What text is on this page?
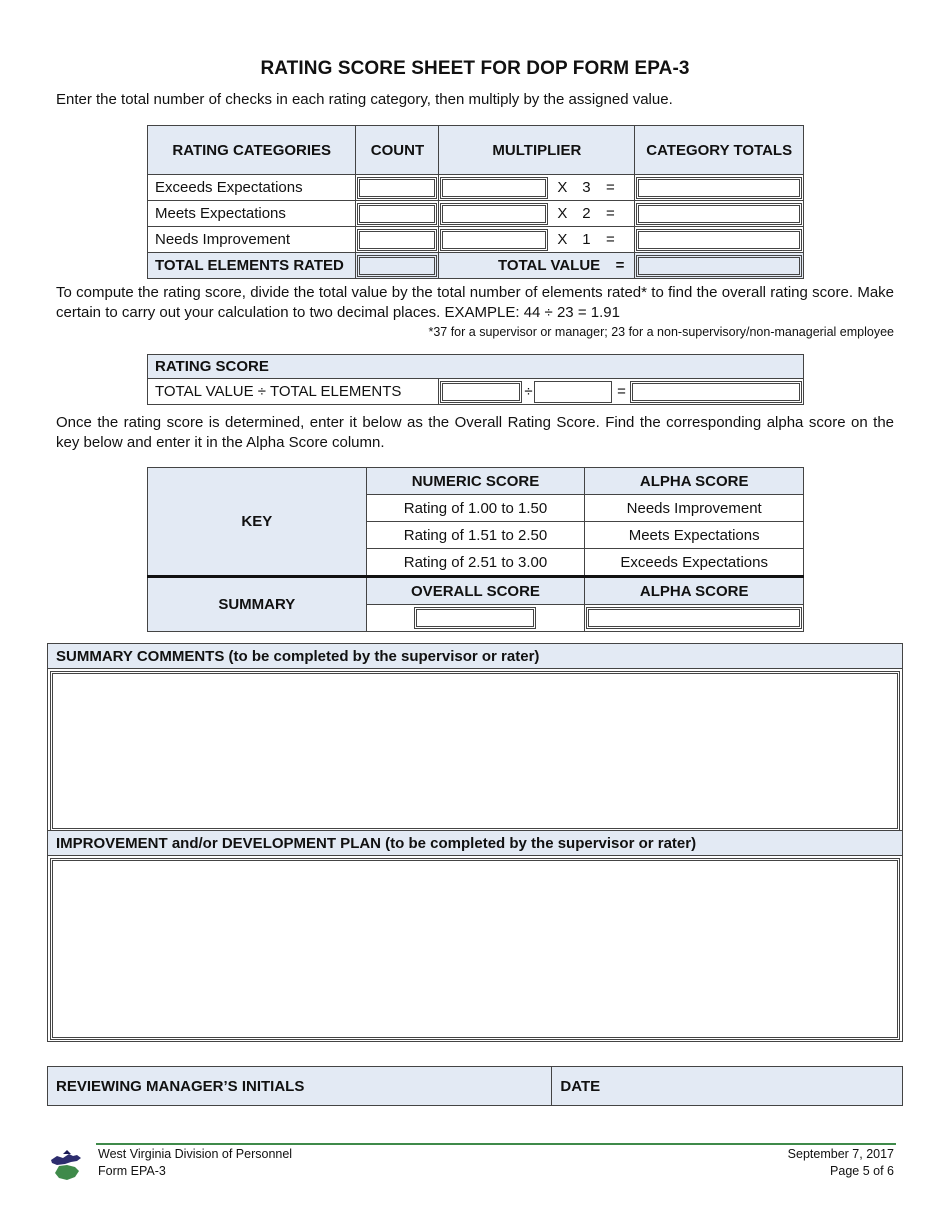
RATING SCORE SHEET FOR DOP FORM EPA-3
Enter the total number of checks in each rating category, then multiply by the assigned value.
RATING CATEGORIES	COUNT	MULTIPLIER	CATEGORY TOTALS
Exceeds Expectations		X 3 =	

Meets Expectations		X 2 =	

Needs Improvement		X 1 =	

TOTAL ELEMENTS RATED		TOTAL VALUE =	
To compute the rating score, divide the total value by the total number of elements rated* to find the overall rating score. Make certain to carry out your calculation to two decimal places. EXAMPLE: 44 ÷ 23 = 1.91
*37 for a supervisor or manager; 23 for a non-supervisory/non-managerial employee
RATING SCORE
TOTAL VALUE ÷ TOTAL ELEMENTS	÷	=
Once the rating score is determined, enter it below as the Overall Rating Score. Find the corresponding alpha score on the key below and enter it in the Alpha Score column.
KEY	NUMERIC SCORE	ALPHA SCORE
	Rating of 1.00 to 1.50	Needs Improvement
	Rating of 1.51 to 2.50	Meets Expectations
	Rating of 2.51 to 3.00	Exceeds Expectations
SUMMARY	OVERALL SCORE	ALPHA SCORE

SUMMARY COMMENTS (to be completed by the supervisor or rater)
IMPROVEMENT and/or DEVELOPMENT PLAN (to be completed by the supervisor or rater)
REVIEWING MANAGER’S INITIALS	DATE
West Virginia Division of Personnel
Form EPA-3
September 7, 2017
Page 5 of 6
